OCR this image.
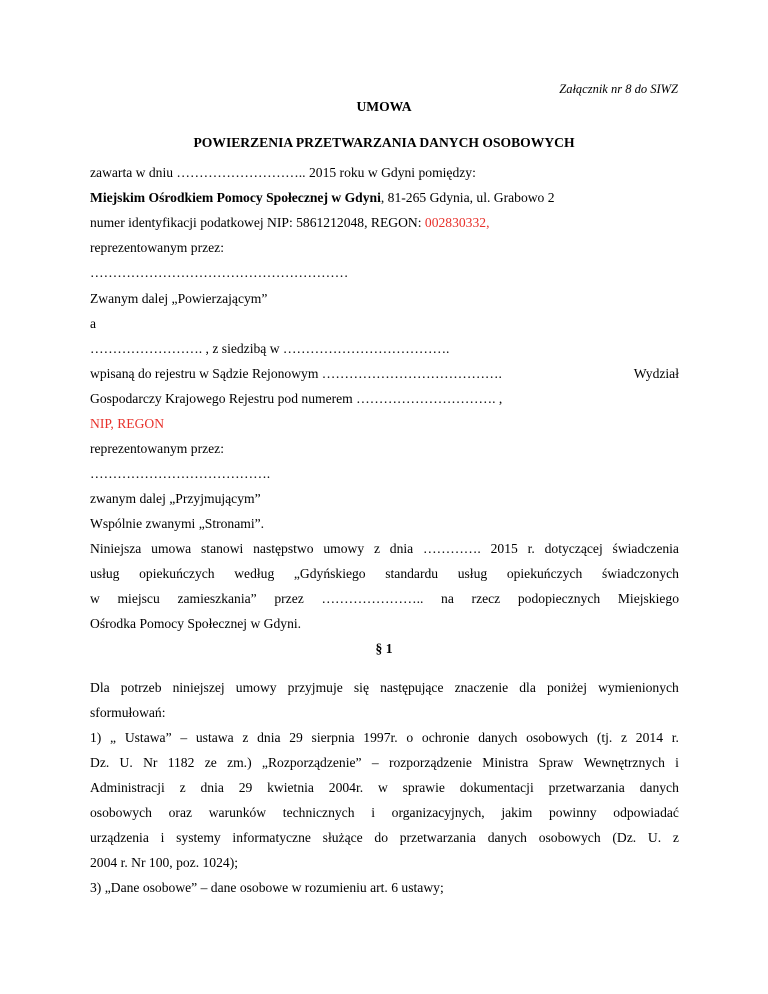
Załącznik nr 8 do SIWZ
UMOWA
POWIERZENIA PRZETWARZANIA DANYCH OSOBOWYCH
zawarta w dniu ……………………….. 2015 roku w Gdyni pomiędzy:
Miejskim Ośrodkiem Pomocy Społecznej w Gdyni, 81-265 Gdynia, ul. Grabowo 2
numer identyfikacji podatkowej NIP: 5861212048, REGON: 002830332,
reprezentowanym przez:
…………………………………………………
Zwanym dalej „Powierzającym”
a
……………………. , z siedzibą w ……………………………….
wpisaną do rejestru w Sądzie Rejonowym ………………………………….	Wydział
Gospodarczy Krajowego Rejestru pod numerem …………………………. ,
NIP, REGON
reprezentowanym przez:
………………………………….
zwanym dalej „Przyjmującym”
Wspólnie zwanymi „Stronami”.
Niniejsza umowa stanowi następstwo umowy z dnia …………. 2015 r. dotyczącej świadczenia
usług opiekuńczych według „Gdyńskiego standardu usług opiekuńczych świadczonych
w miejscu zamieszkania” przez ………………….. na rzecz podopiecznych Miejskiego
Ośrodka Pomocy Społecznej w Gdyni.
§ 1
Dla potrzeb niniejszej umowy przyjmuje się następujące znaczenie dla poniżej wymienionych
sformułowań:
1) „ Ustawa” – ustawa z dnia 29 sierpnia 1997r. o ochronie danych osobowych (tj. z 2014 r.
Dz. U. Nr 1182 ze zm.) „Rozporządzenie” – rozporządzenie Ministra Spraw Wewnętrznych i
Administracji z dnia 29 kwietnia 2004r. w sprawie dokumentacji przetwarzania danych
osobowych oraz warunków technicznych i organizacyjnych, jakim powinny odpowiadać
urządzenia i systemy informatyczne służące do przetwarzania danych osobowych (Dz. U. z
2004 r. Nr 100, poz. 1024);
3) „Dane osobowe” – dane osobowe w rozumieniu art. 6 ustawy;
